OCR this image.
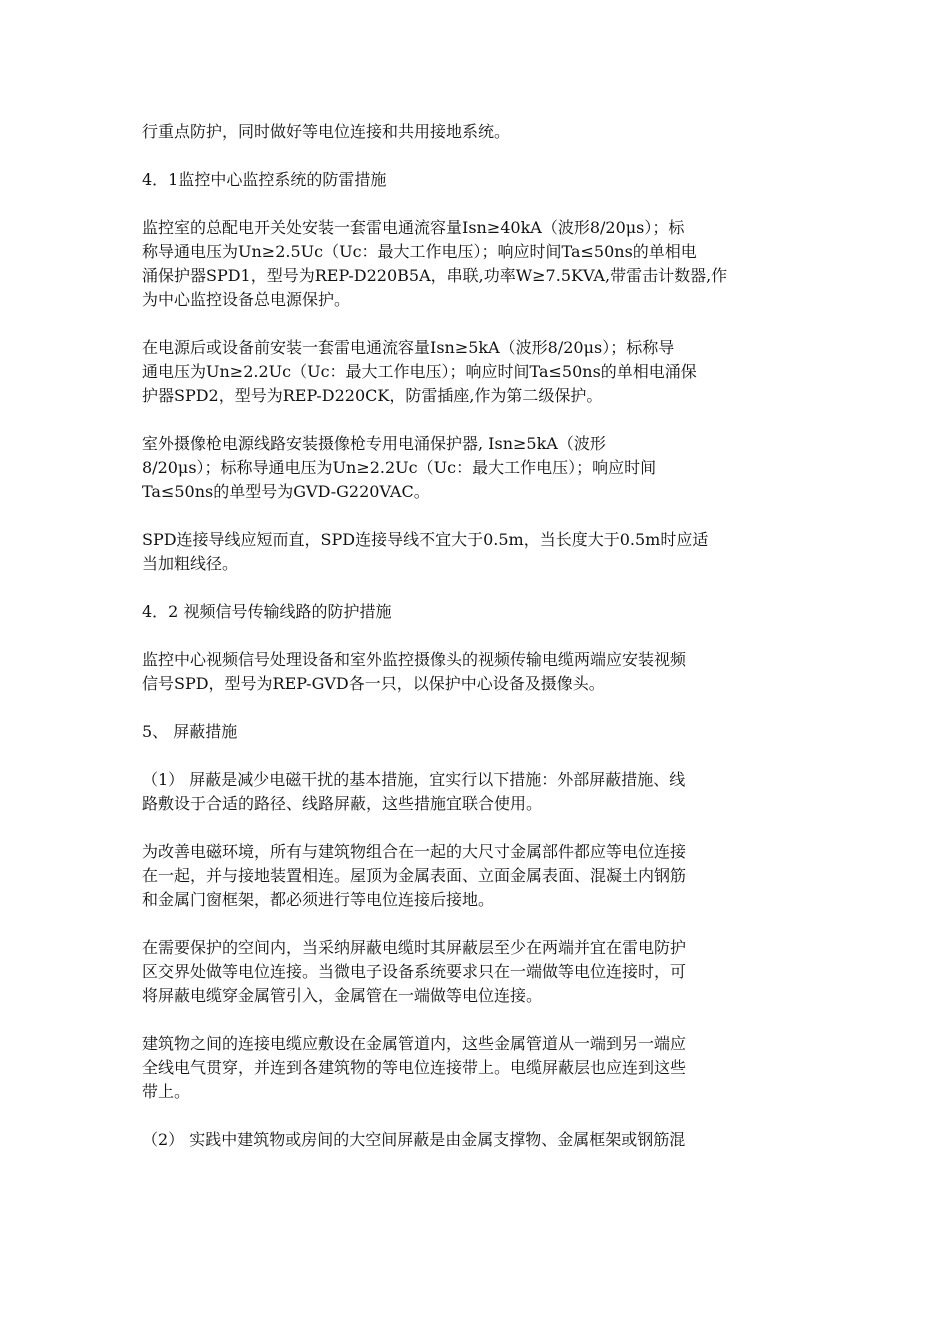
行重点防护，同时做好等电位连接和共用接地系统。
4．1监控中心监控系统的防雷措施
监控室的总配电开关处安装一套雷电通流容量Isn≥40kA（波形8/20μs）；标
称导通电压为Un≥2.5Uc（Uc：最大工作电压）；响应时间Ta≤50ns的单相电
涌保护器SPD1，型号为REP-D220B5A，串联,功率W≥7.5KVA,带雷击计数器,作
为中心监控设备总电源保护。
在电源后或设备前安装一套雷电通流容量Isn≥5kA（波形8/20μs）；标称导
通电压为Un≥2.2Uc（Uc：最大工作电压）；响应时间Ta≤50ns的单相电涌保
护器SPD2，型号为REP-D220CK，防雷插座,作为第二级保护。
室外摄像枪电源线路安装摄像枪专用电涌保护器, Isn≥5kA（波形
8/20μs）；标称导通电压为Un≥2.2Uc（Uc：最大工作电压）；响应时间
Ta≤50ns的单型号为GVD-G220VAC。
SPD连接导线应短而直，SPD连接导线不宜大于0.5m，当长度大于0.5m时应适
当加粗线径。
4．2 视频信号传输线路的防护措施
监控中心视频信号处理设备和室外监控摄像头的视频传输电缆两端应安装视频
信号SPD，型号为REP-GVD各一只，以保护中心设备及摄像头。
5、 屏蔽措施
（1） 屏蔽是减少电磁干扰的基本措施，宜实行以下措施：外部屏蔽措施、线
路敷设于合适的路径、线路屏蔽，这些措施宜联合使用。
为改善电磁环境，所有与建筑物组合在一起的大尺寸金属部件都应等电位连接
在一起，并与接地装置相连。屋顶为金属表面、立面金属表面、混凝土内钢筋
和金属门窗框架，都必须进行等电位连接后接地。
在需要保护的空间内，当采纳屏蔽电缆时其屏蔽层至少在两端并宜在雷电防护
区交界处做等电位连接。当微电子设备系统要求只在一端做等电位连接时，可
将屏蔽电缆穿金属管引入，金属管在一端做等电位连接。
建筑物之间的连接电缆应敷设在金属管道内，这些金属管道从一端到另一端应
全线电气贯穿，并连到各建筑物的等电位连接带上。电缆屏蔽层也应连到这些
带上。
（2） 实践中建筑物或房间的大空间屏蔽是由金属支撑物、金属框架或钢筋混
